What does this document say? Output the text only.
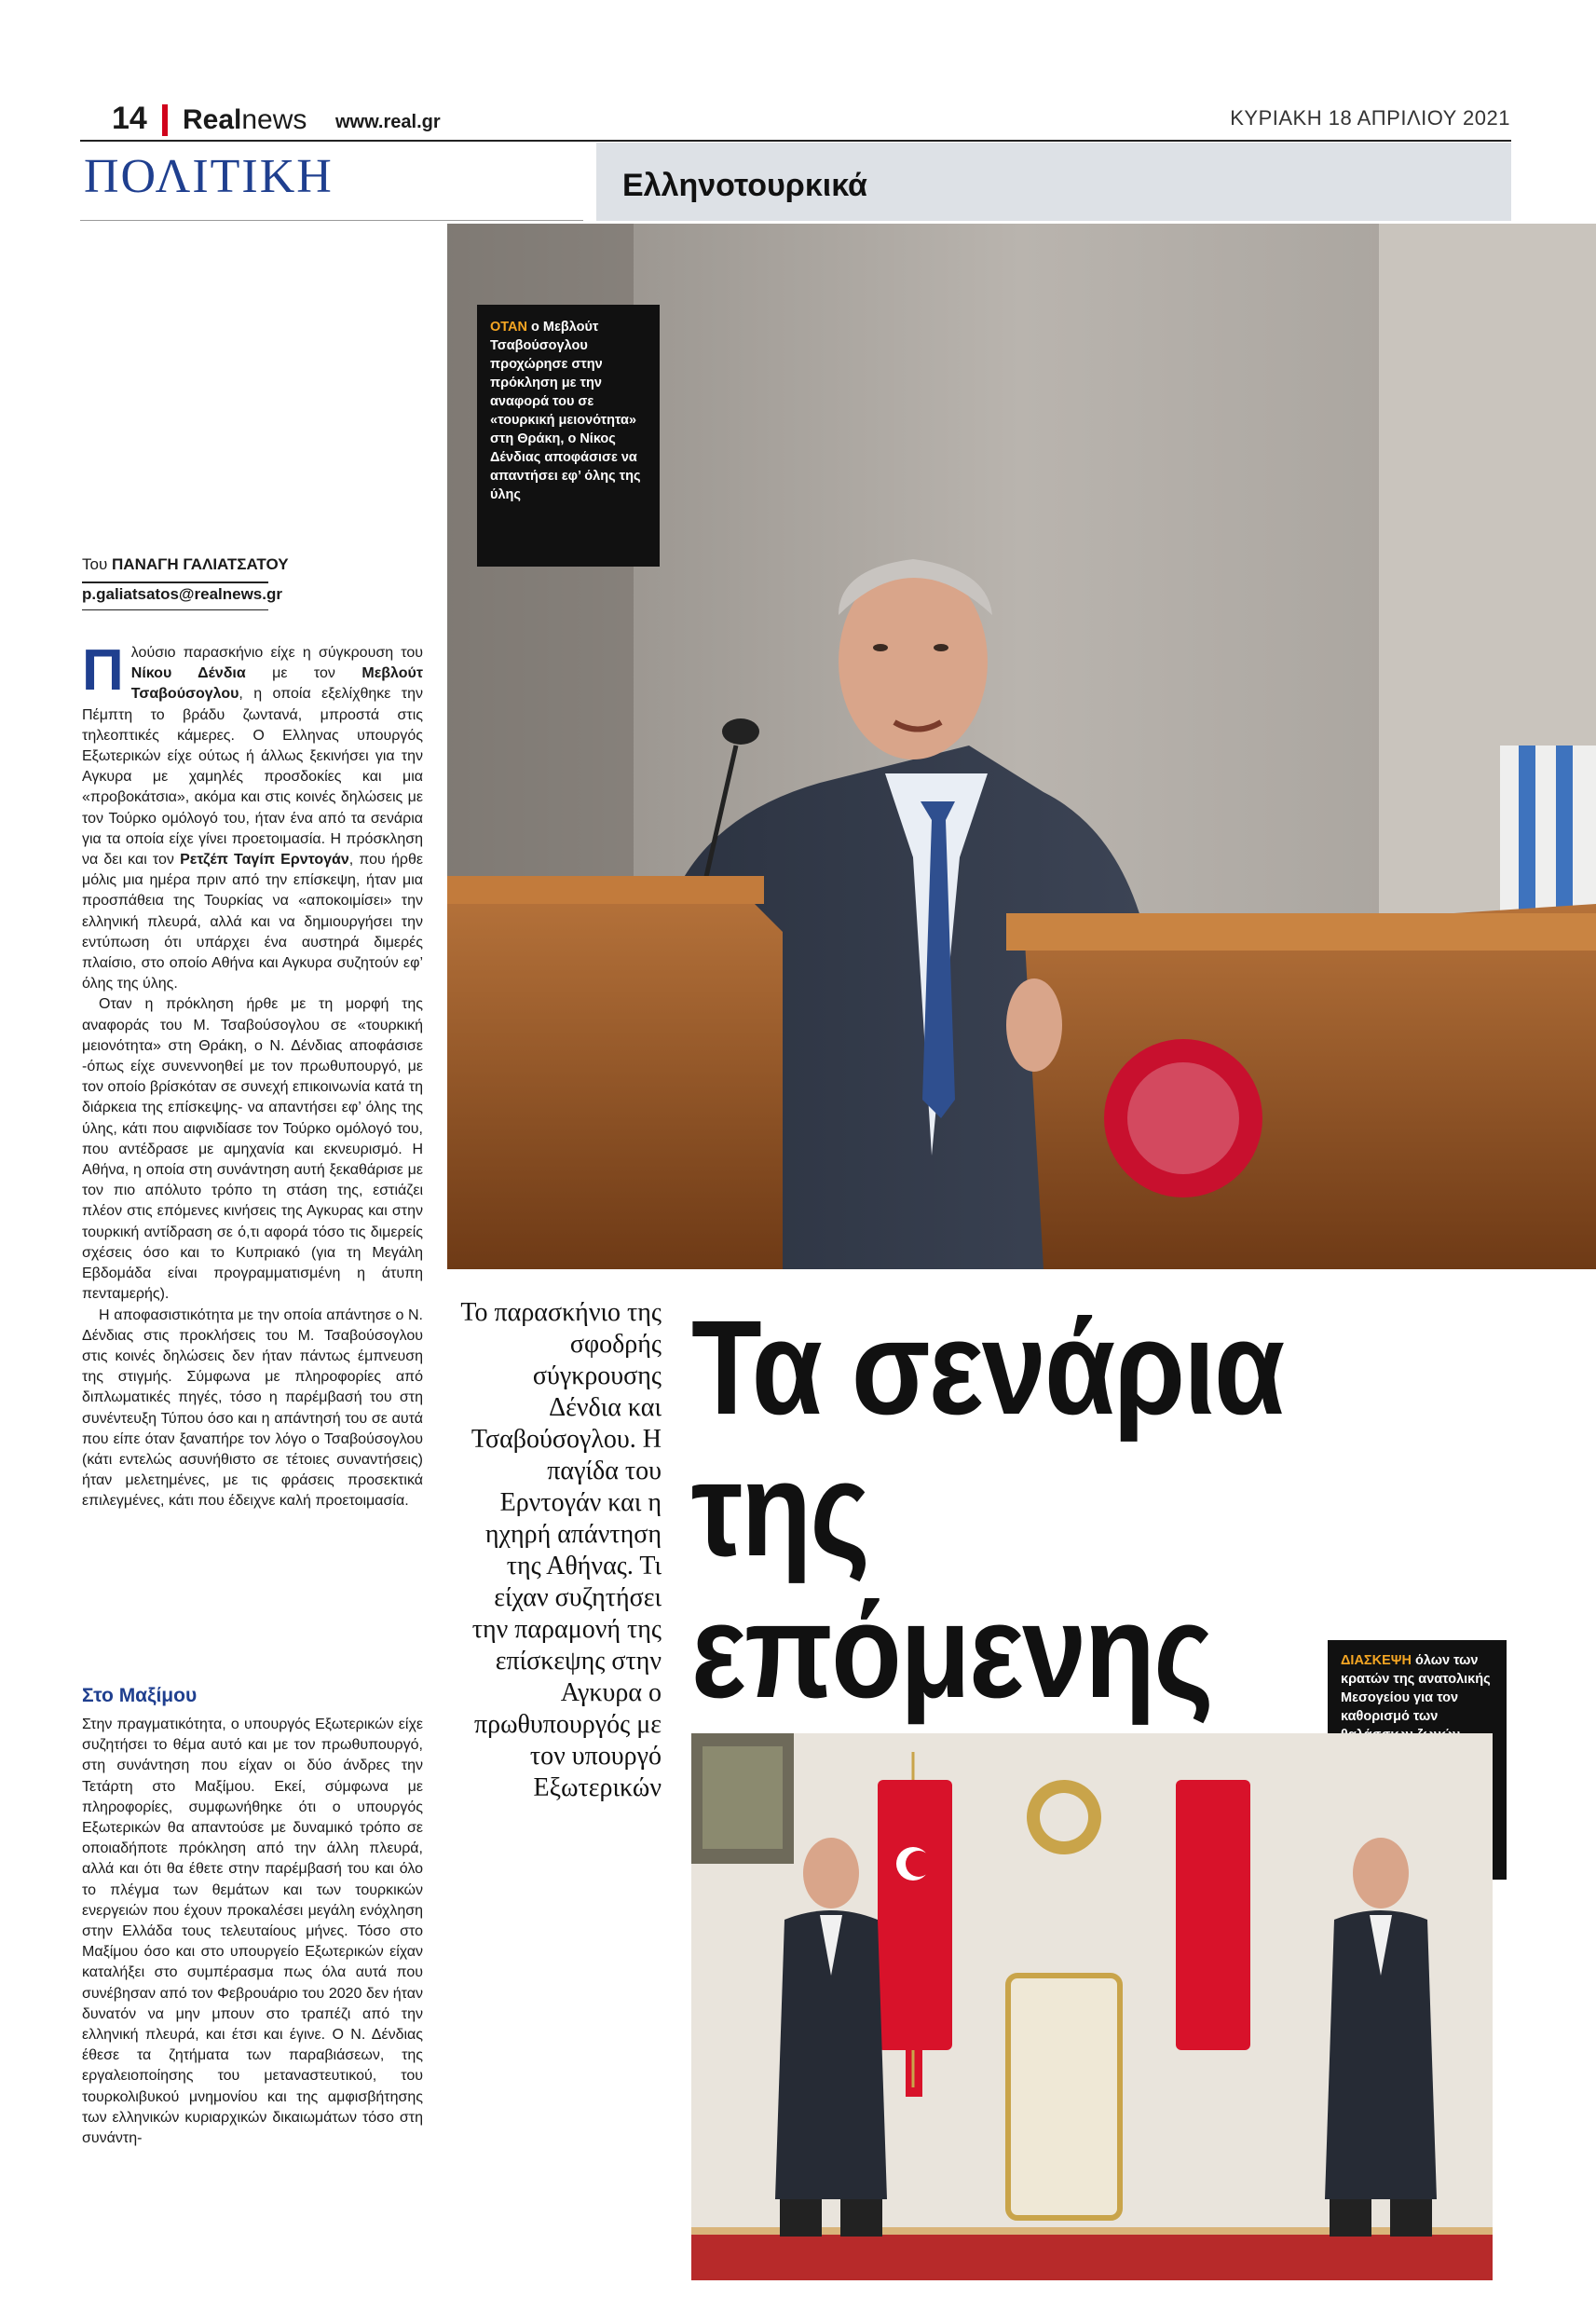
14 Realnews www.real.gr	ΚΥΡΙΑΚΗ 18 ΑΠΡΙΛΙΟΥ 2021
ΠΟΛΙΤΙΚΗ	Ελληνοτουρκικά
ΟΤΑΝ ο Μεβλούτ Τσαβούσογλου προχώρησε στην πρόκληση με την αναφορά του σε «τουρκική μειονότητα» στη Θράκη, ο Νίκος Δένδιας αποφάσισε να απαντήσει εφ’ όλης της ύλης
Του ΠΑΝΑΓΗ ΓΑΛΙΑΤΣΑΤΟΥ
p.galiatsatos@realnews.gr

Πλούσιο παρασκήνιο είχε η σύγκρουση του Νίκου Δένδια με τον Μεβλούτ Τσαβούσογλου, η οποία εξελίχθηκε την Πέμπτη το βράδυ ζωντανά, μπροστά στις τηλεοπτικές κάμερες. Ο Ελληνας υπουργός Εξωτερικών είχε ούτως ή άλλως ξεκινήσει για την Αγκυρα με χαμηλές προσδοκίες και μια «προβοκάτσια», ακόμα και στις κοινές δηλώσεις με τον Τούρκο ομόλογό του, ήταν ένα από τα σενάρια για τα οποία είχε γίνει προετοιμασία. Η πρόσκληση να δει και τον Ρετζέπ Ταγίπ Ερντογάν, που ήρθε μόλις μια ημέρα πριν από την επίσκεψη, ήταν μια προσπάθεια της Τουρκίας να «αποκοιμίσει» την ελληνική πλευρά, αλλά και να δημιουργήσει την εντύπωση ότι υπάρχει ένα αυστηρά διμερές πλαίσιο, στο οποίο Αθήνα και Αγκυρα συζητούν εφ’ όλης της ύλης.

Οταν η πρόκληση ήρθε με τη μορφή της αναφοράς του Μ. Τσαβούσογλου σε «τουρκική μειονότητα» στη Θράκη, ο Ν. Δένδιας αποφάσισε -όπως είχε συνεννοηθεί με τον πρωθυπουργό, με τον οποίο βρίσκόταν σε συνεχή επικοινωνία κατά τη διάρκεια της επίσκεψης- να απαντήσει εφ’ όλης της ύλης, κάτι που αιφνιδίασε τον Τούρκο ομόλογό του, που αντέδρασε με αμηχανία και εκνευρισμό. Η Αθήνα, η οποία στη συνάντηση αυτή ξεκαθάρισε με τον πιο απόλυτο τρόπο τη στάση της, εστιάζει πλέον στις επόμενες κινήσεις της Αγκυρας και στην τουρκική αντίδραση σε ό,τι αφορά τόσο τις διμερείς σχέσεις όσο και το Κυπριακό (για τη Μεγάλη Εβδομάδα είναι προγραμματισμένη η άτυπη πενταμερής).

Η αποφασιστικότητα με την οποία απάντησε ο Ν. Δένδιας στις προκλήσεις του Μ. Τσαβούσογλου στις κοινές δηλώσεις δεν ήταν πάντως έμπνευση της στιγμής. Σύμφωνα με πληροφορίες από διπλωματικές πηγές, τόσο η παρέμβασή του στη συνέντευξη Τύπου όσο και η απάντησή του σε αυτά που είπε όταν ξαναπήρε τον λόγο ο Τσαβούσογλου (κάτι εντελώς ασυνήθιστο σε τέτοιες συναντήσεις) ήταν μελετημένες, με τις φράσεις προσεκτικά επιλεγμένες, κάτι που έδειχνε καλή προετοιμασία.

Στο Μαξίμου

Στην πραγματικότητα, ο υπουργός Εξωτερικών είχε συζητήσει το θέμα αυτό και με τον πρωθυπουργό, στη συνάντηση που είχαν οι δύο άνδρες την Τετάρτη στο Μαξίμου. Εκεί, σύμφωνα με πληροφορίες, συμφωνήθηκε ότι ο υπουργός Εξωτερικών θα απαντούσε με δυναμικό τρόπο σε οποιαδήποτε πρόκληση από την άλλη πλευρά, αλλά και ότι θα έθετε στην παρέμβασή του και όλο το πλέγμα των θεμάτων και των τουρκικών ενεργειών που έχουν προκαλέσει μεγάλη ενόχληση στην Ελλάδα τους τελευταίους μήνες. Τόσο στο Μαξίμου όσο και στο υπουργείο Εξωτερικών είχαν καταλήξει στο συμπέρασμα πως όλα αυτά που συνέβησαν από τον Φεβρουάριο του 2020 δεν ήταν δυνατόν να μην μπουν στο τραπέζι από την ελληνική πλευρά, και έτσι και έγινε. Ο Ν. Δένδιας έθεσε τα ζητήματα των παραβιάσεων, της εργαλειοποίησης του μεταναστευτικού, του τουρκολιβυκού μνημονίου και της αμφισβήτησης των ελληνικών κυριαρχικών δικαιωμάτων τόσο στη συνάντη-

Το παρασκήνιο της σφοδρής σύγκρουσης Δένδια και Τσαβούσογλου. Η παγίδα του Ερντογάν και η ηχηρή απάντηση της Αθήνας. Τι είχαν συζητήσει την παραμονή της επίσκεψης στην Αγκυρα ο πρωθυπουργός με τον υπουργό Εξωτερικών
Τα σενάρια
της επόμενης	ΔΙΑΣΚΕΨΗ όλων των κρατών της ανατολικής Μεσογείου για τον καθορισμό των
